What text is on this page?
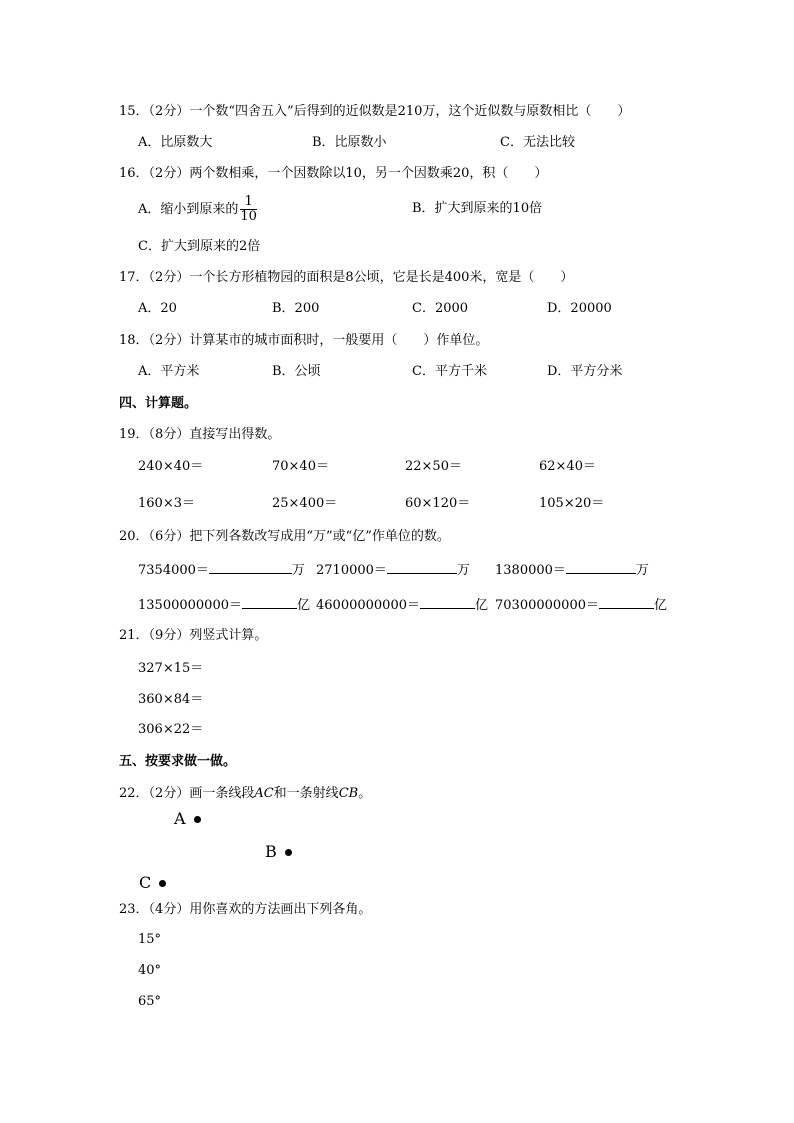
15．（2分）一个数“四舍五入”后得到的近似数是210万，这个近似数与原数相比（　　）
A．比原数大	B．比原数小	C．无法比较
16．（2分）两个数相乘，一个因数除以10，另一个因数乘20，积（　　）
A．缩小到原来的 $\frac{1}{10}$	B．扩大到原来的10倍
C．扩大到原来的2倍
17．（2分）一个长方形植物园的面积是8公顷，它是长是400米，宽是（　　）
A．20	B．200	C．2000	D．20000
18．（2分）计算某市的城市面积时，一般要用（　　）作单位。
A．平方米	B．公顷	C．平方千米	D．平方分米
四、计算题。
19．（8分）直接写出得数。
240×40＝	70×40＝	22×50＝	62×40＝
160×3＝	25×400＝	60×120＝	105×20＝
20．（6分）把下列各数改写成用“万”或“亿”作单位的数。
7354000＝	万 2710000＝	万 1380000＝	万
13500000000＝	亿 46000000000＝	亿 70300000000＝	亿
21．（9分）列竖式计算。
327×15＝
360×84＝
306×22＝
五、按要求做一做。
22．（2分）画一条线段AC和一条射线CB。
A
B
C
23．（4分）用你喜欢的方法画出下列各角。
15°
40°
65°
